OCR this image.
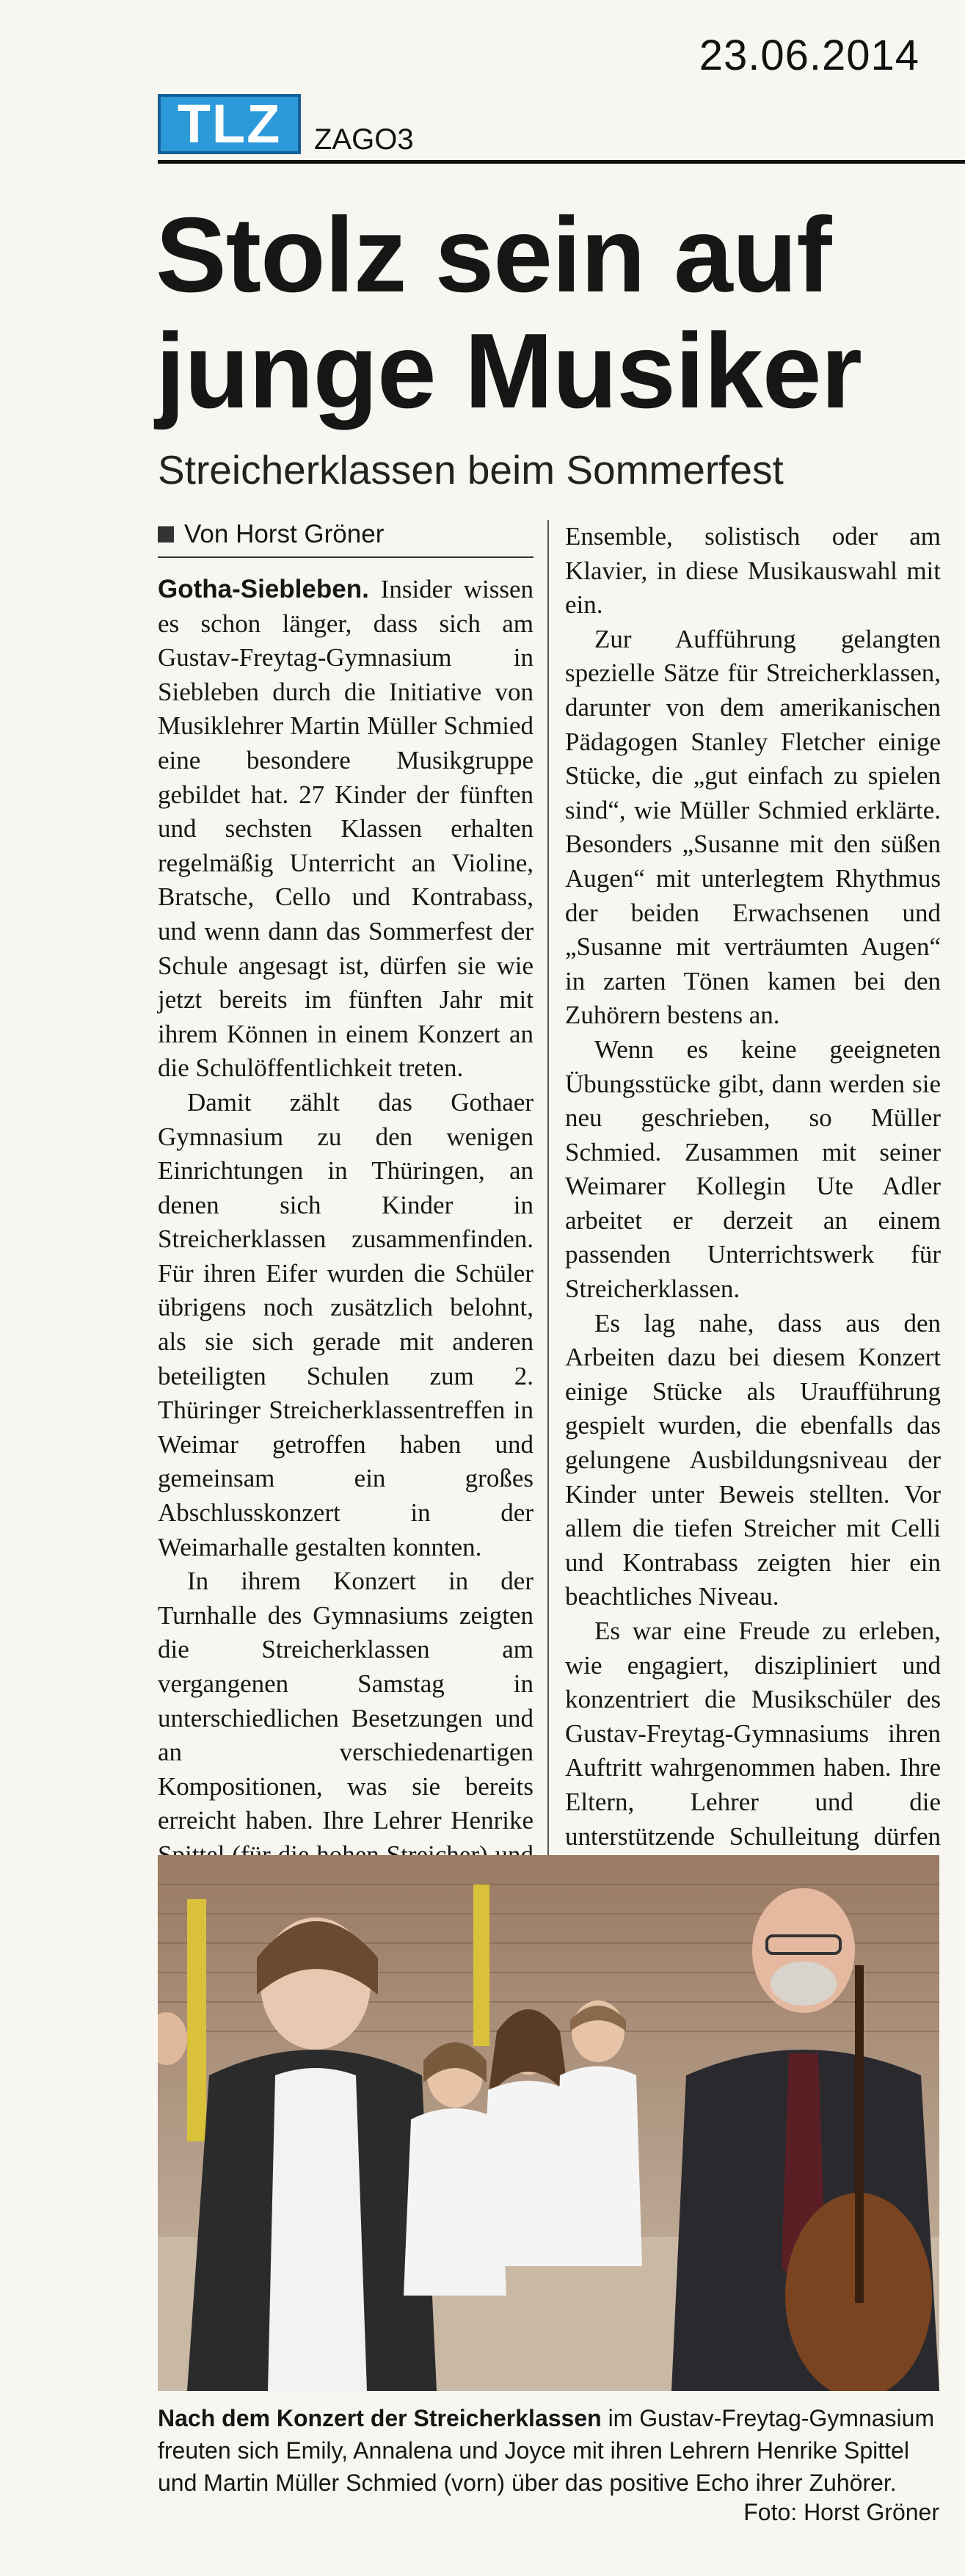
23.06.2014
TLZ ZAGO3
Stolz sein auf
junge Musiker
Streicherklassen beim Sommerfest
Von Horst Gröner

Gotha-Siebleben. Insider wissen es schon länger, dass sich am Gustav-Freytag-Gymnasium in Siebleben durch die Initiative von Musiklehrer Martin Müller Schmied eine besondere Musikgruppe gebildet hat. 27 Kinder der fünften und sechsten Klassen erhalten regelmäßig Unterricht an Violine, Bratsche, Cello und Kontrabass, und wenn dann das Sommerfest der Schule angesagt ist, dürfen sie wie jetzt bereits im fünften Jahr mit ihrem Können in einem Konzert an die Schulöffentlichkeit treten.

Damit zählt das Gothaer Gymnasium zu den wenigen Einrichtungen in Thüringen, an denen sich Kinder in Streicherklassen zusammenfinden. Für ihren Eifer wurden die Schüler übrigens noch zusätzlich belohnt, als sie sich gerade mit anderen beteiligten Schulen zum 2. Thüringer Streicherklassentreffen in Weimar getroffen haben und gemeinsam ein großes Abschlusskonzert in der Weimarhalle gestalten konnten.

In ihrem Konzert in der Turnhalle des Gymnasiums zeigten die Streicherklassen am vergangenen Samstag in unterschiedlichen Besetzungen und an verschiedenartigen Kompositionen, was sie bereits erreicht haben. Ihre Lehrer Henrike

Ensemble, solistisch oder am Klavier, in diese Musikauswahl mit ein.

Zur Aufführung gelangten spezielle Sätze für Streicherklassen, darunter von dem amerikanischen Pädagogen Stanley Fletcher einige Stücke, die „gut einfach zu spielen sind“, wie Müller Schmied erklärte. Besonders „Susanne mit den süßen Augen“ mit unterlegtem Rhythmus der beiden Erwachsenen und „Susanne mit verträumten Augen“ in zarten Tönen kamen bei den Zuhörern bestens an.

Wenn es keine geeigneten Übungsstücke gibt, dann werden sie neu geschrieben, so Müller Schmied. Zusammen mit seiner Weimarer Kollegin Ute Adler arbeitet er derzeit an einem passenden Unterrichtswerk für Streicherklassen.

Es lag nahe, dass aus den Arbeiten dazu bei diesem Konzert einige Stücke als Uraufführung gespielt wurden, die ebenfalls das gelungene Ausbildungsniveau der Kinder unter Beweis stellten. Vor allem die tiefen Streicher mit Celli und Kontrabass zeigten hier ein beachtliches Niveau.

Es war eine Freude zu erleben, wie engagiert, diszipliniert und konzentriert die Musikschüler des Gustav-Freytag-Gymnasiums ihren Auftritt wahrgenommen haben. Ihre Eltern, Lehrer und die unterstützende Schulleitung dürfen

Nach dem Konzert der Streicherklassen im Gustav-Freytag-Gymnasium freuten sich Emily, Annalena und Joyce mit ihren Lehrern Henrike Spittel und Martin Müller Schmied (vorn) über das positive Echo ihrer Zuhörer.
Foto: Horst Gröner
